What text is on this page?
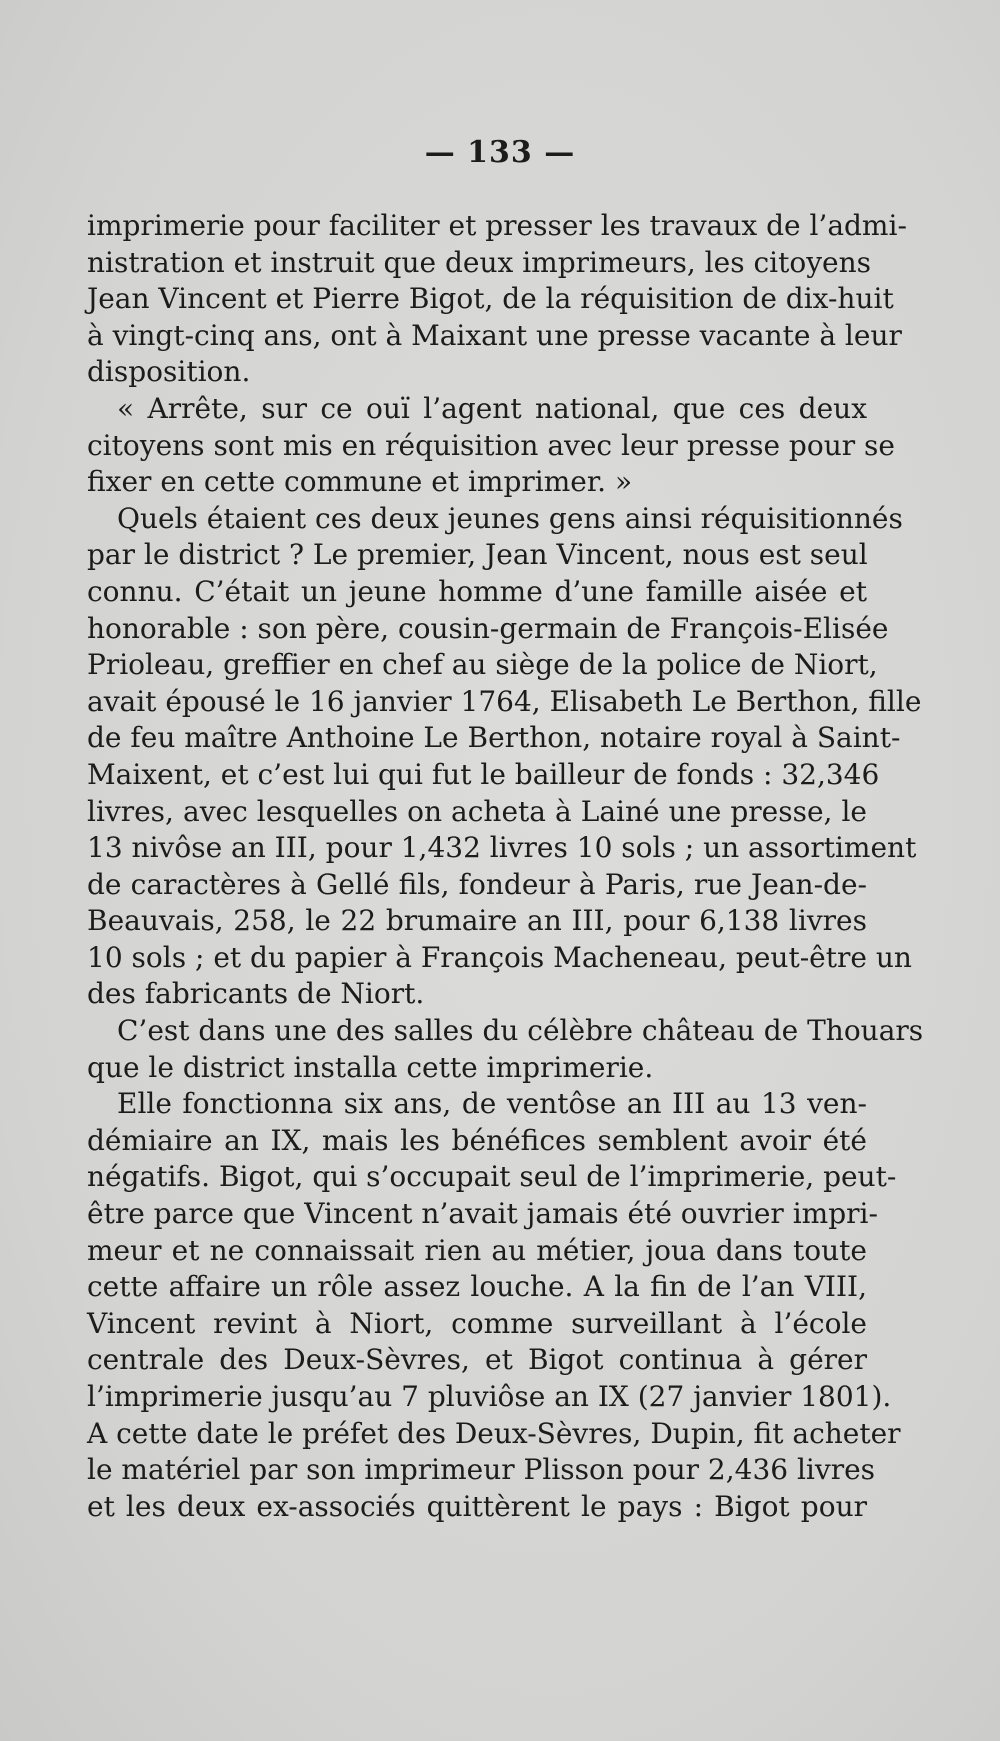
— 133 —
imprimerie pour faciliter et presser les travaux de l’admi-
nistration et instruit que deux imprimeurs, les citoyens
Jean Vincent et Pierre Bigot, de la réquisition de dix-huit
à vingt-cinq ans, ont à Maixant une presse vacante à leur
disposition.
« Arrête, sur ce ouï l’agent national, que ces deux
citoyens sont mis en réquisition avec leur presse pour se
fixer en cette commune et imprimer. »
Quels étaient ces deux jeunes gens ainsi réquisitionnés
par le district ? Le premier, Jean Vincent, nous est seul
connu. C’était un jeune homme d’une famille aisée et
honorable : son père, cousin-germain de François-Elisée
Prioleau, greffier en chef au siège de la police de Niort,
avait épousé le 16 janvier 1764, Elisabeth Le Berthon, fille
de feu maître Anthoine Le Berthon, notaire royal à Saint-
Maixent, et c’est lui qui fut le bailleur de fonds : 32,346
livres, avec lesquelles on acheta à Lainé une presse, le
13 nivôse an III, pour 1,432 livres 10 sols ; un assortiment
de caractères à Gellé fils, fondeur à Paris, rue Jean-de-
Beauvais, 258, le 22 brumaire an III, pour 6,138 livres
10 sols ; et du papier à François Macheneau, peut-être un
des fabricants de Niort.
C’est dans une des salles du célèbre château de Thouars
que le district installa cette imprimerie.
Elle fonctionna six ans, de ventôse an III au 13 ven-
démiaire an IX, mais les bénéfices semblent avoir été
négatifs. Bigot, qui s’occupait seul de l’imprimerie, peut-
être parce que Vincent n’avait jamais été ouvrier impri-
meur et ne connaissait rien au métier, joua dans toute
cette affaire un rôle assez louche. A la fin de l’an VIII,
Vincent revint à Niort, comme surveillant à l’école
centrale des Deux-Sèvres, et Bigot continua à gérer
l’imprimerie jusqu’au 7 pluviôse an IX (27 janvier 1801).
A cette date le préfet des Deux-Sèvres, Dupin, fit acheter
le matériel par son imprimeur Plisson pour 2,436 livres
et les deux ex-associés quittèrent le pays : Bigot pour
